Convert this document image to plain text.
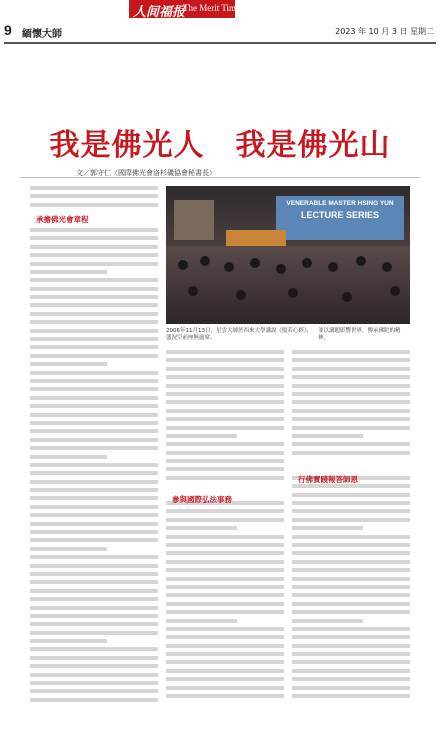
人间福报
The Merit Times
9 緬懷大師	2023 年 10 月 3 日 星期二
我是佛光人　我是佛光山
文／郭守仁（國際佛光會洛杉磯協會秘書長）
VENERABLE MASTER HSING YUN
LECTURE SERIES
2006年11月13日，星雲大師於西來大學講說《般若心經》，盛況空前座無虛席。
並以講題影響世界，傳承佛陀的精神。
承擔佛光會章程
參與國際弘法事務
行佛實踐報答師恩
